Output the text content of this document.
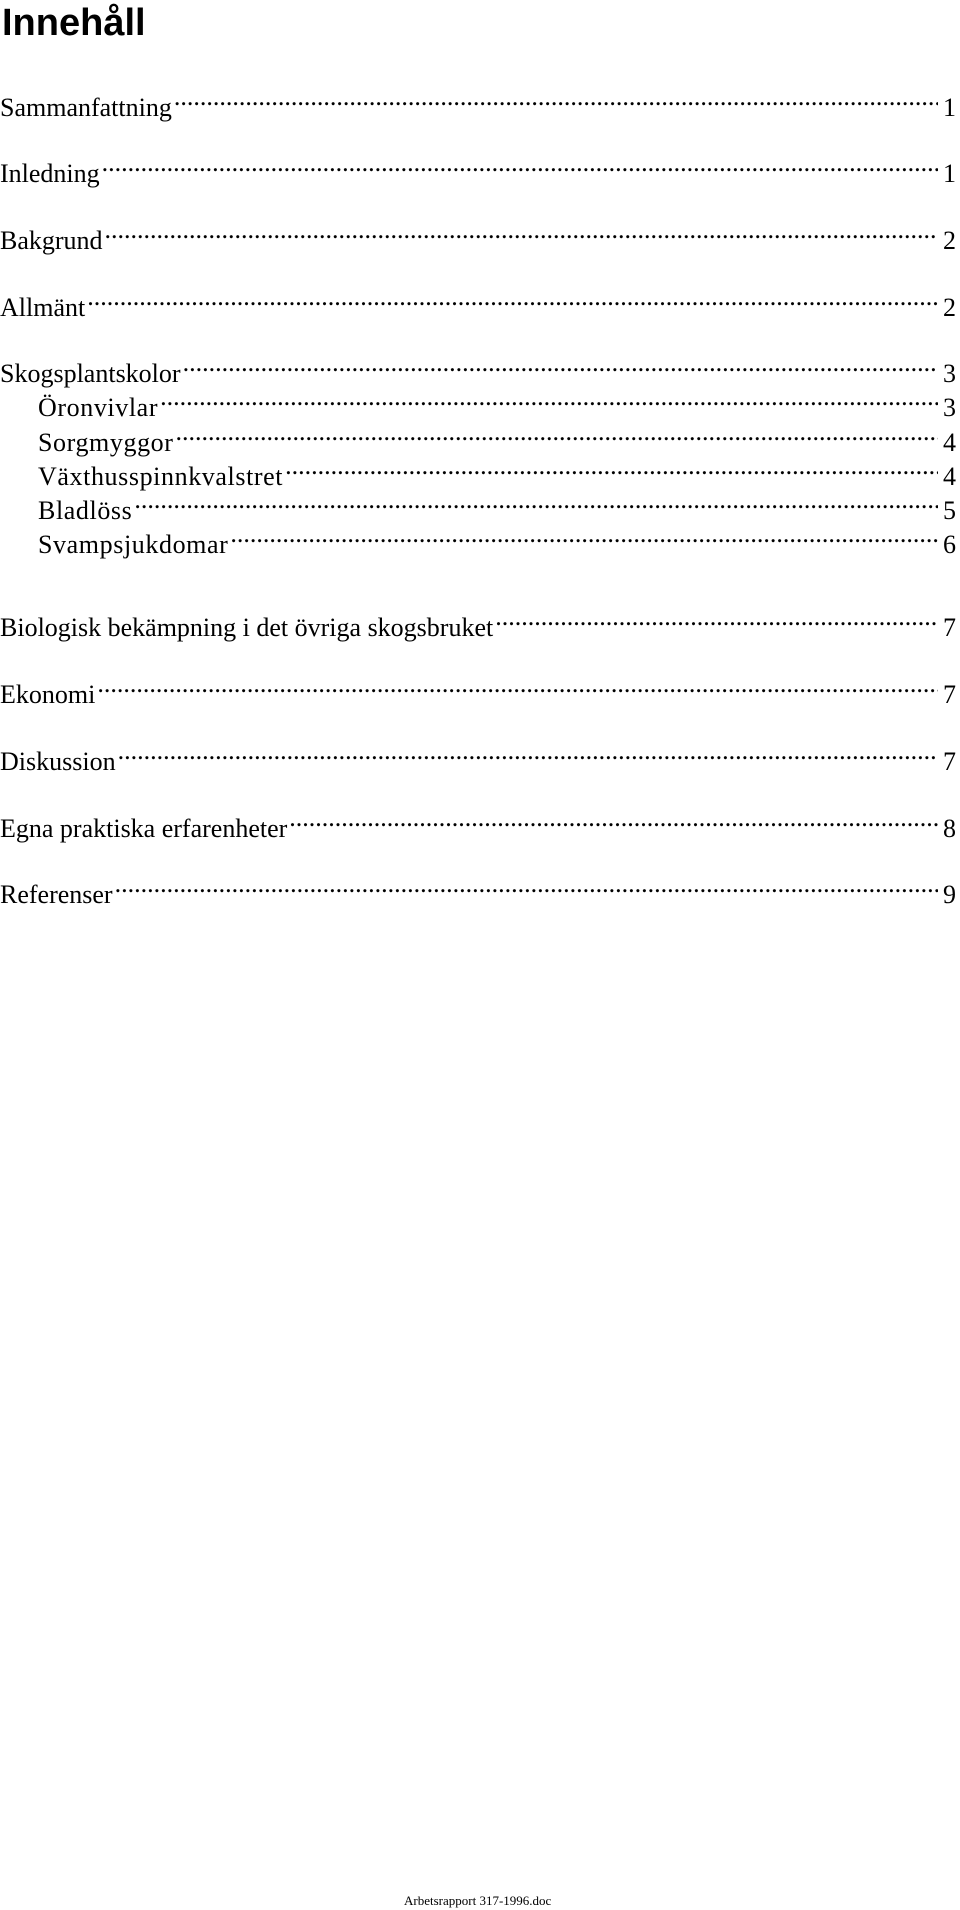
Innehåll
Sammanfattning .....	1
Inledning .....	1
Bakgrund .....	2
Allmänt .....	2
Skogsplantskolor .....	3
Öronvivlar .....	3
Sorgmyggor .....	4
Växthusspinnkvalstret .....	4
Bladlöss .....	5
Svampsjukdomar .....	6
Biologisk bekämpning i det övriga skogsbruket .....	7
Ekonomi .....	7
Diskussion .....	7
Egna praktiska erfarenheter .....	8
Referenser .....	9
Arbetsrapport 317-1996.doc
